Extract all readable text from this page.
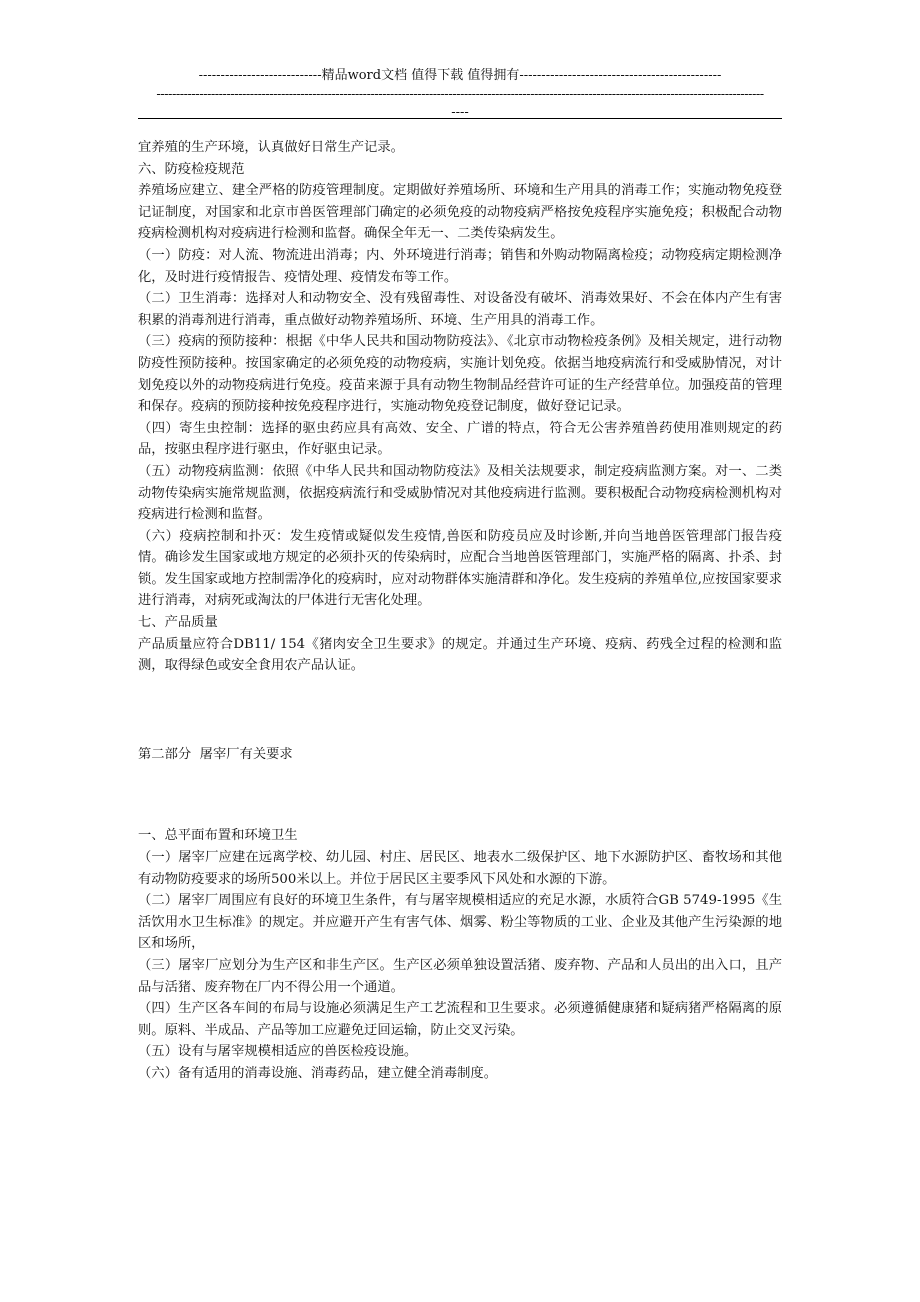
com.cn
----------------------------精品word文档 值得下载 值得拥有----------------------------------------------
------------------------------------------------------------------------------------------------------------------------------------------------------------
----

宜养殖的生产环境，认真做好日常生产记录。

六、防疫检疫规范

养殖场应建立、建全严格的防疫管理制度。定期做好养殖场所、环境和生产用具的消毒工作；实施动物免疫登记证制度，对国家和北京市兽医管理部门确定的必须免疫的动物疫病严格按免疫程序实施免疫；积极配合动物疫病检测机构对疫病进行检测和监督。确保全年无一、二类传染病发生。

（一）防疫：对人流、物流进出消毒；内、外环境进行消毒；销售和外购动物隔离检疫；动物疫病定期检测净化，及时进行疫情报告、疫情处理、疫情发布等工作。

（二）卫生消毒：选择对人和动物安全、没有残留毒性、对设备没有破坏、消毒效果好、不会在体内产生有害积累的消毒剂进行消毒，重点做好动物养殖场所、环境、生产用具的消毒工作。

（三）疫病的预防接种：根据《中华人民共和国动物防疫法》、《北京市动物检疫条例》及相关规定，进行动物防疫性预防接种。按国家确定的必须免疫的动物疫病，实施计划免疫。依据当地疫病流行和受威胁情况，对计划免疫以外的动物疫病进行免疫。疫苗来源于具有动物生物制品经营许可证的生产经营单位。加强疫苗的管理和保存。疫病的预防接种按免疫程序进行，实施动物免疫登记制度，做好登记记录。

（四）寄生虫控制：选择的驱虫药应具有高效、安全、广谱的特点，符合无公害养殖兽药使用准则规定的药品，按驱虫程序进行驱虫，作好驱虫记录。

（五）动物疫病监测：依照《中华人民共和国动物防疫法》及相关法规要求，制定疫病监测方案。对一、二类动物传染病实施常规监测，依据疫病流行和受威胁情况对其他疫病进行监测。要积极配合动物疫病检测机构对疫病进行检测和监督。

（六）疫病控制和扑灭：发生疫情或疑似发生疫情,兽医和防疫员应及时诊断,并向当地兽医管理部门报告疫情。确诊发生国家或地方规定的必须扑灭的传染病时，应配合当地兽医管理部门，实施严格的隔离、扑杀、封锁。发生国家或地方控制需净化的疫病时，应对动物群体实施清群和净化。发生疫病的养殖单位,应按国家要求进行消毒，对病死或淘汰的尸体进行无害化处理。

七、产品质量

产品质量应符合DB11/ 154《猪肉安全卫生要求》的规定。并通过生产环境、疫病、药残全过程的检测和监测，取得绿色或安全食用农产品认证。

第二部分  屠宰厂有关要求

一、总平面布置和环境卫生

（一）屠宰厂应建在远离学校、幼儿园、村庄、居民区、地表水二级保护区、地下水源防护区、畜牧场和其他有动物防疫要求的场所500米以上。并位于居民区主要季风下风处和水源的下游。

（二）屠宰厂周围应有良好的环境卫生条件，有与屠宰规模相适应的充足水源，水质符合GB 5749-1995《生活饮用水卫生标准》的规定。并应避开产生有害气体、烟雾、粉尘等物质的工业、企业及其他产生污染源的地区和场所，

（三）屠宰厂应划分为生产区和非生产区。生产区必须单独设置活猪、废弃物、产品和人员出的出入口，且产品与活猪、废弃物在厂内不得公用一个通道。

（四）生产区各车间的布局与设施必须满足生产工艺流程和卫生要求。必须遵循健康猪和疑病猪严格隔离的原则。原料、半成品、产品等加工应避免迂回运输，防止交叉污染。

（五）设有与屠宰规模相适应的兽医检疫设施。

（六）备有适用的消毒设施、消毒药品，建立健全消毒制度。
